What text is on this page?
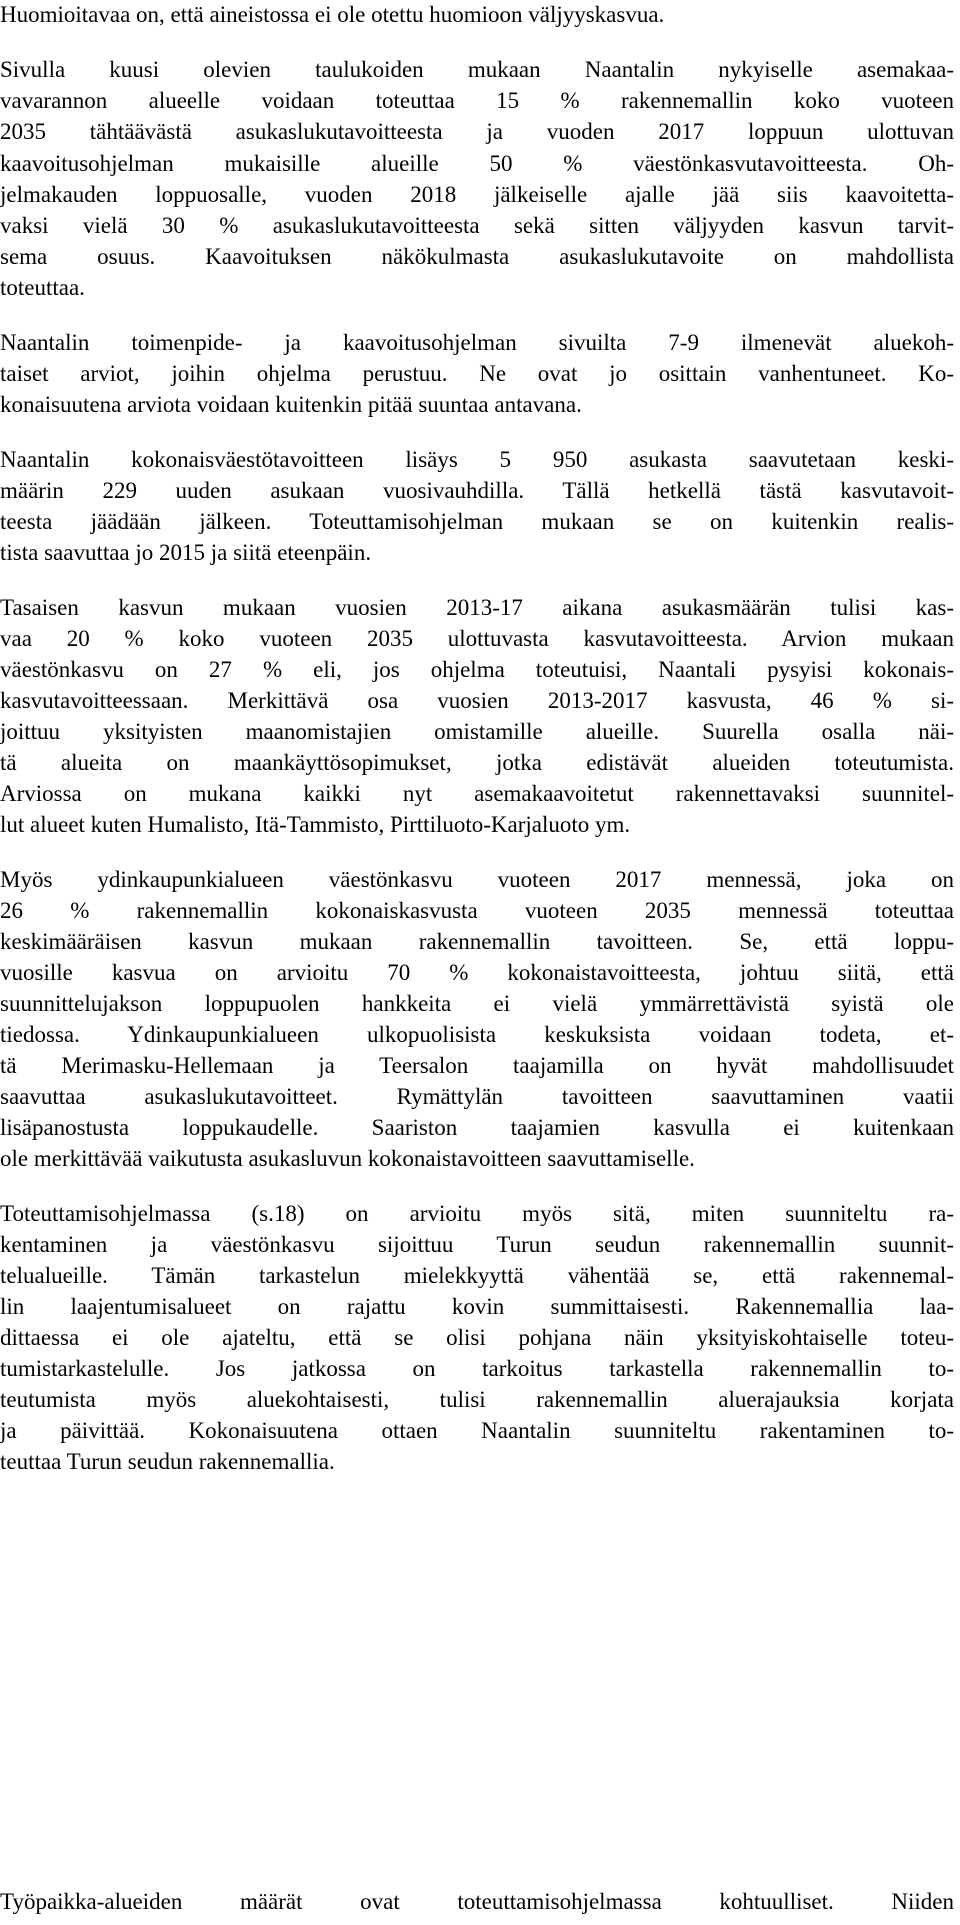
Huomioitavaa on, että aineistossa ei ole otettu huomioon väljyyskasvua.
Sivulla kuusi olevien taulukoiden mukaan Naantalin nykyiselle asemakaa-
vavarannon alueelle voidaan toteuttaa 15 % rakennemallin koko vuoteen
2035 tähtäävästä asukaslukutavoitteesta ja vuoden 2017 loppuun ulottuvan
kaavoitusohjelman mukaisille alueille 50 % väestönkasvutavoitteesta. Oh-
jelmakauden loppuosalle, vuoden 2018 jälkeiselle ajalle jää siis kaavoitetta-
vaksi vielä 30 % asukaslukutavoitteesta sekä sitten väljyyden kasvun tarvit-
sema osuus. Kaavoituksen näkökulmasta asukaslukutavoite on mahdollista
toteuttaa.
Naantalin toimenpide- ja kaavoitusohjelman sivuilta 7-9 ilmenevät aluekoh-
taiset arviot, joihin ohjelma perustuu. Ne ovat jo osittain vanhentuneet. Ko-
konaisuutena arviota voidaan kuitenkin pitää suuntaa antavana.
Naantalin kokonaisväestötavoitteen lisäys 5 950 asukasta saavutetaan keski-
määrin 229 uuden asukaan vuosivauhdilla. Tällä hetkellä tästä kasvutavoit-
teesta jäädään jälkeen. Toteuttamisohjelman mukaan se on kuitenkin realis-
tista saavuttaa jo 2015 ja siitä eteenpäin.
Tasaisen kasvun mukaan vuosien 2013-17 aikana asukasmäärän tulisi kas-
vaa 20 % koko vuoteen 2035 ulottuvasta kasvutavoitteesta. Arvion mukaan
väestönkasvu on 27 % eli, jos ohjelma toteutuisi, Naantali pysyisi kokonais-
kasvutavoitteessaan. Merkittävä osa vuosien 2013-2017 kasvusta, 46 % si-
joittuu yksityisten maanomistajien omistamille alueille. Suurella osalla näi-
tä alueita on maankäyttösopimukset, jotka edistävät alueiden toteutumista.
Arviossa on mukana kaikki nyt asemakaavoitetut rakennettavaksi suunnitel-
lut alueet kuten Humalisto, Itä-Tammisto, Pirttiluoto-Karjaluoto ym.
Myös ydinkaupunkialueen väestönkasvu vuoteen 2017 mennessä, joka on
26 % rakennemallin kokonaiskasvusta vuoteen 2035 mennessä toteuttaa
keskimääräisen kasvun mukaan rakennemallin tavoitteen. Se, että loppu-
vuosille kasvua on arvioitu 70 % kokonaistavoitteesta, johtuu siitä, että
suunnittelujakson loppupuolen hankkeita ei vielä ymmärrettävistä syistä ole
tiedossa. Ydinkaupunkialueen ulkopuolisista keskuksista voidaan todeta, et-
tä Merimasku-Hellemaan ja Teersalon taajamilla on hyvät mahdollisuudet
saavuttaa asukaslukutavoitteet. Rymättylän tavoitteen saavuttaminen vaatii
lisäpanostusta loppukaudelle. Saariston taajamien kasvulla ei kuitenkaan
ole merkittävää vaikutusta asukasluvun kokonaistavoitteen saavuttamiselle.
Toteuttamisohjelmassa (s.18) on arvioitu myös sitä, miten suunniteltu ra-
kentaminen ja väestönkasvu sijoittuu Turun seudun rakennemallin suunnit-
telualueille. Tämän tarkastelun mielekkyyttä vähentää se, että rakennemal-
lin laajentumisalueet on rajattu kovin summittaisesti. Rakennemallia laa-
dittaessa ei ole ajateltu, että se olisi pohjana näin yksityiskohtaiselle toteu-
tumistarkastelulle. Jos jatkossa on tarkoitus tarkastella rakennemallin to-
teutumista myös aluekohtaisesti, tulisi rakennemallin aluerajauksia korjata
ja päivittää. Kokonaisuutena ottaen Naantalin suunniteltu rakentaminen to-
teuttaa Turun seudun rakennemallia.
Työpaikka-alueiden määrät ovat toteuttamisohjelmassa kohtuulliset. Niiden
